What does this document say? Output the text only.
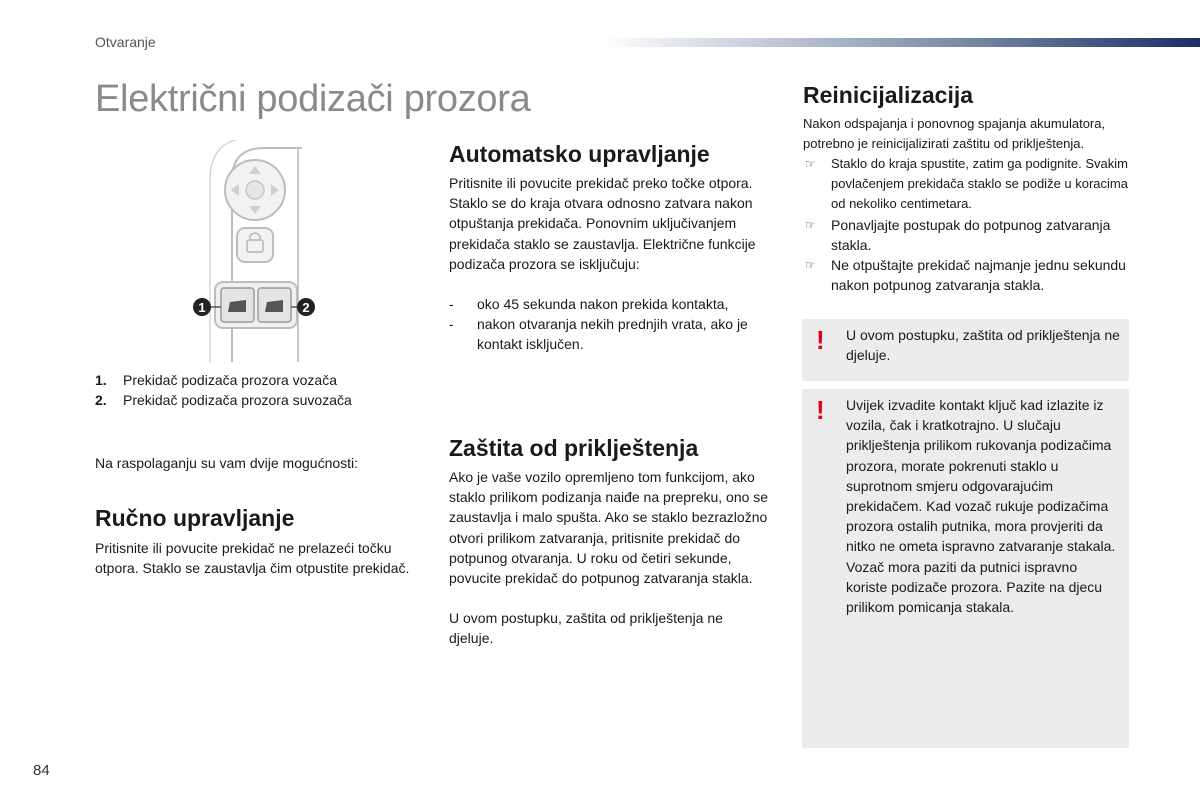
Otvaranje
Električni podizači prozora
1	2
1. Prekidač podizača prozora vozača
2. Prekidač podizača prozora suvozača

Na raspolaganju su vam dvije mogućnosti:

Ručno upravljanje

Pritisnite ili povucite prekidač ne prelazeći točku otpora. Staklo se zaustavlja čim otpustite prekidač.

Automatsko upravljanje

Pritisnite ili povucite prekidač preko točke otpora. Staklo se do kraja otvara odnosno zatvara nakon otpuštanja prekidača. Ponovnim uključivanjem prekidača staklo se zaustavlja. Električne funkcije podizača prozora se isključuju:

- oko 45 sekunda nakon prekida kontakta,
- nakon otvaranja nekih prednjih vrata, ako je kontakt isključen.
Zaštita od priklještenja

Ako je vaše vozilo opremljeno tom funkcijom, ako staklo prilikom podizanja naiđe na prepreku, ono se zaustavlja i malo spušta. Ako se staklo bezrazložno otvori prilikom zatvaranja, pritisnite prekidač do potpunog otvaranja. U roku od četiri sekunde, povucite prekidač do potpunog zatvaranja stakla.

U ovom postupku, zaštita od priklještenja ne djeluje.

Reinicijalizacija

Nakon odspajanja i ponovnog spajanja akumulatora, potrebno je reinicijalizirati zaštitu od priklještenja.

☞ Staklo do kraja spustite, zatim ga podignite. Svakim povlačenjem prekidača staklo se podiže u koracima od nekoliko centimetara.
☞ Ponavljajte postupak do potpunog zatvaranja stakla.
☞ Ne otpuštajte prekidač najmanje jednu sekundu nakon potpunog zatvaranja stakla.
! U ovom postupku, zaštita od priklještenja ne djeluje.
! Uvijek izvadite kontakt ključ kad izlazite iz vozila, čak i kratkotrajno. U slučaju priklještenja prilikom rukovanja podizačima prozora, morate pokrenuti staklo u suprotnom smjeru odgovarajućim prekidačem. Kad vozač rukuje podizačima prozora ostalih putnika, mora provjeriti da nitko ne ometa ispravno zatvaranje stakala. Vozač mora paziti da putnici ispravno koriste podizače prozora. Pazite na djecu prilikom pomicanja stakala.
84
